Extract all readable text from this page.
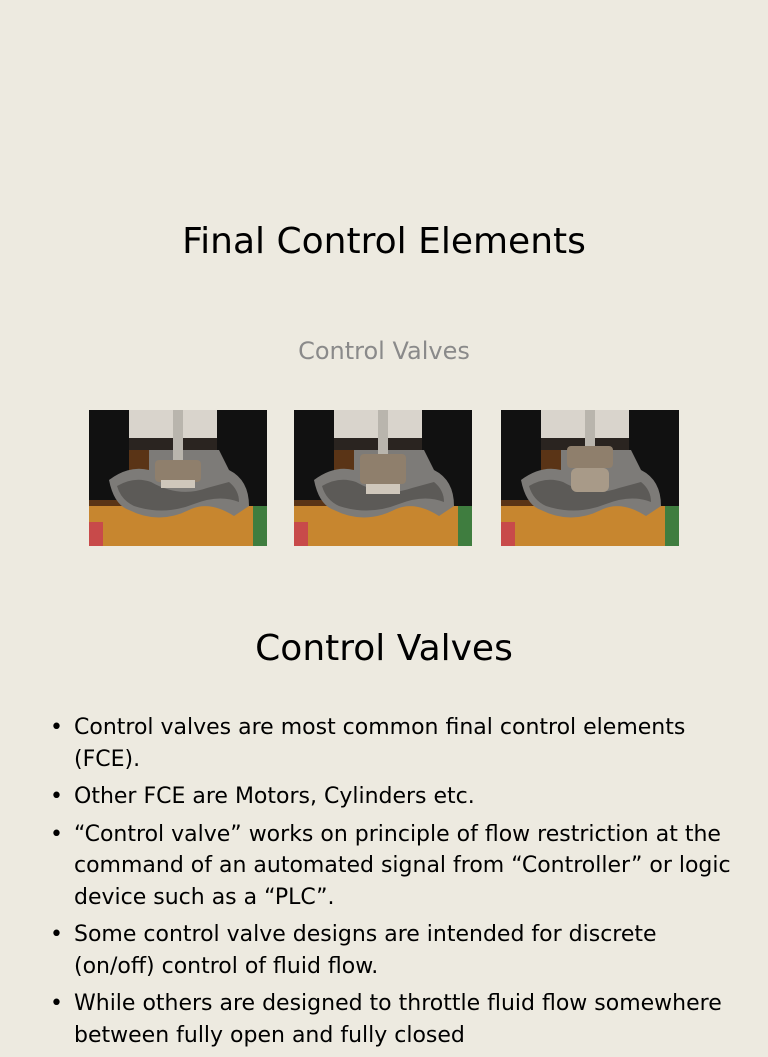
Final Control Elements
Control Valves
Control Valves
• Control valves are most common final control elements (FCE).
• Other FCE are Motors, Cylinders etc.
• “Control valve” works on principle of flow restriction at the command of an automated signal from “Controller” or logic device such as a “PLC”.
• Some control valve designs are intended for discrete (on/off) control of fluid flow.
• While others are designed to throttle fluid flow somewhere between fully open and fully closed
